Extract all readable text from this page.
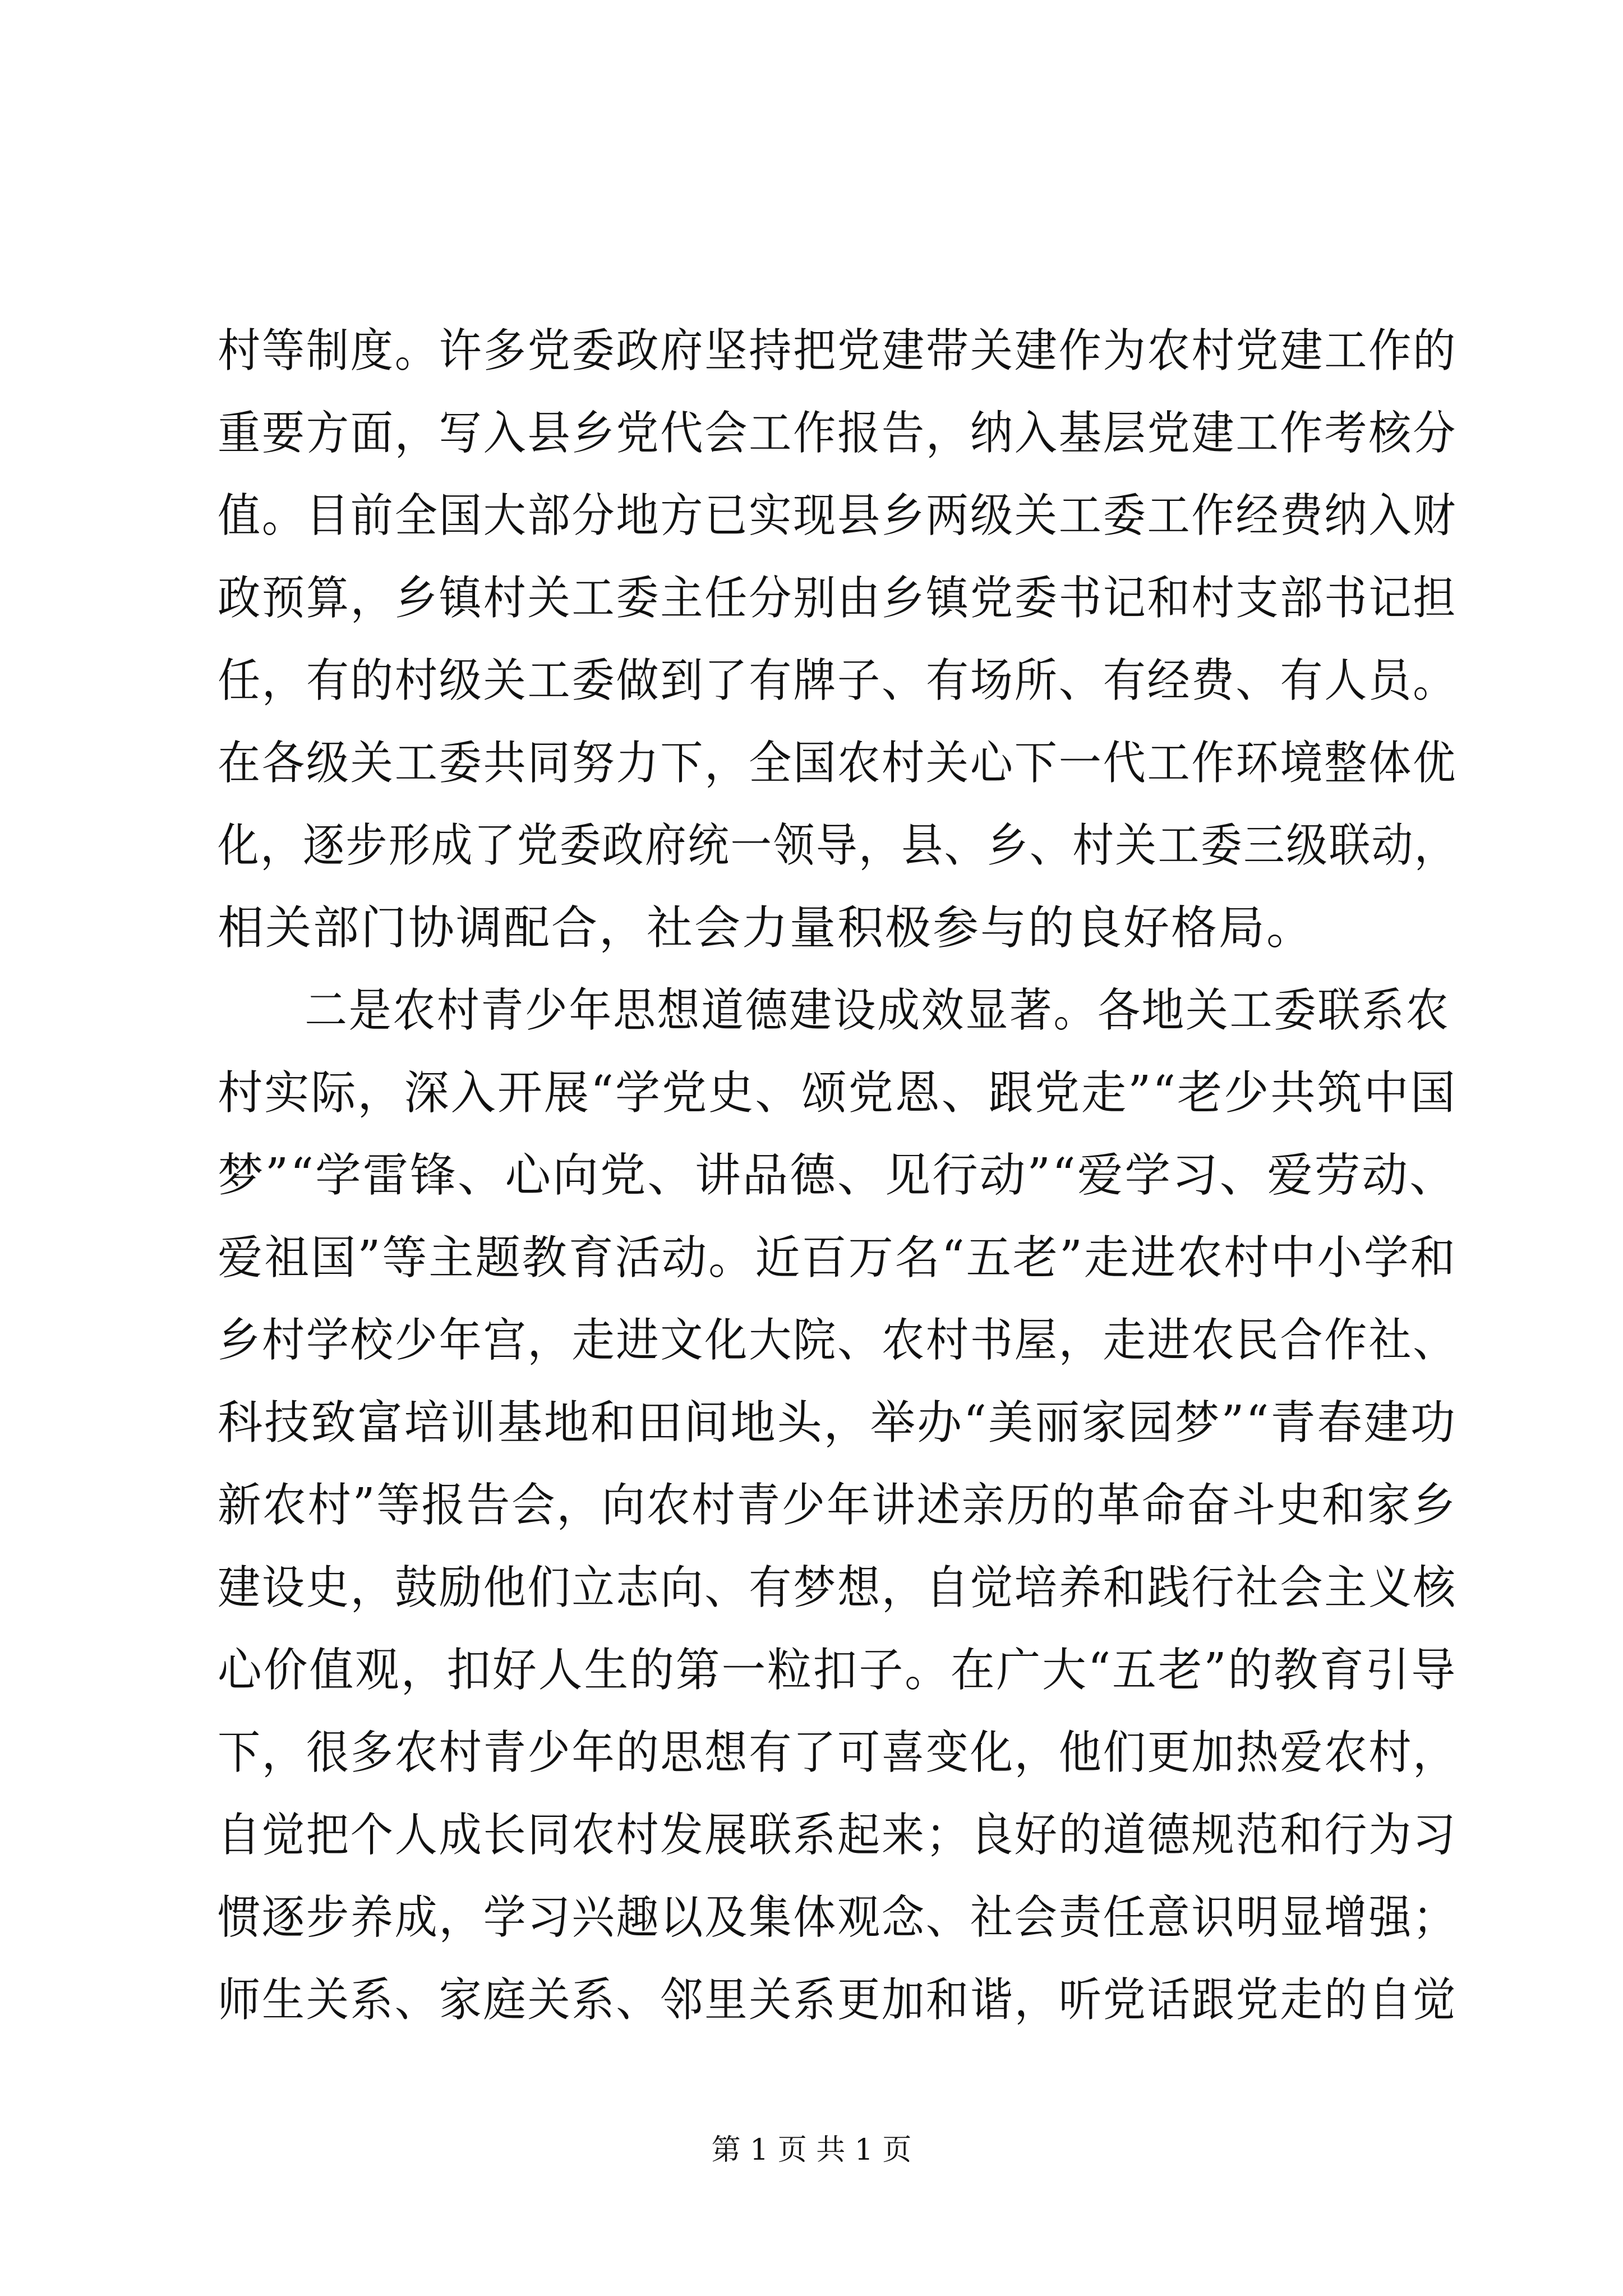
村等制度。许多党委政府坚持把党建带关建作为农村党建工作的
重要方面，写入县乡党代会工作报告，纳入基层党建工作考核分
值。目前全国大部分地方已实现县乡两级关工委工作经费纳入财
政预算，乡镇村关工委主任分别由乡镇党委书记和村支部书记担
任，有的村级关工委做到了有牌子、有场所、有经费、有人员。
在各级关工委共同努力下，全国农村关心下一代工作环境整体优
化，逐步形成了党委政府统一领导，县、乡、村关工委三级联动，
相关部门协调配合，社会力量积极参与的良好格局。
二是农村青少年思想道德建设成效显著。各地关工委联系农
村实际，深入开展“学党史、颂党恩、跟党走”“老少共筑中国
梦”“学雷锋、心向党、讲品德、见行动”“爱学习、爱劳动、
爱祖国”等主题教育活动。近百万名“五老”走进农村中小学和
乡村学校少年宫，走进文化大院、农村书屋，走进农民合作社、
科技致富培训基地和田间地头，举办“美丽家园梦”“青春建功
新农村”等报告会，向农村青少年讲述亲历的革命奋斗史和家乡
建设史，鼓励他们立志向、有梦想，自觉培养和践行社会主义核
心价值观，扣好人生的第一粒扣子。在广大“五老”的教育引导
下，很多农村青少年的思想有了可喜变化，他们更加热爱农村，
自觉把个人成长同农村发展联系起来；良好的道德规范和行为习
惯逐步养成，学习兴趣以及集体观念、社会责任意识明显增强；
师生关系、家庭关系、邻里关系更加和谐，听党话跟党走的自觉
第 1 页 共 1 页
